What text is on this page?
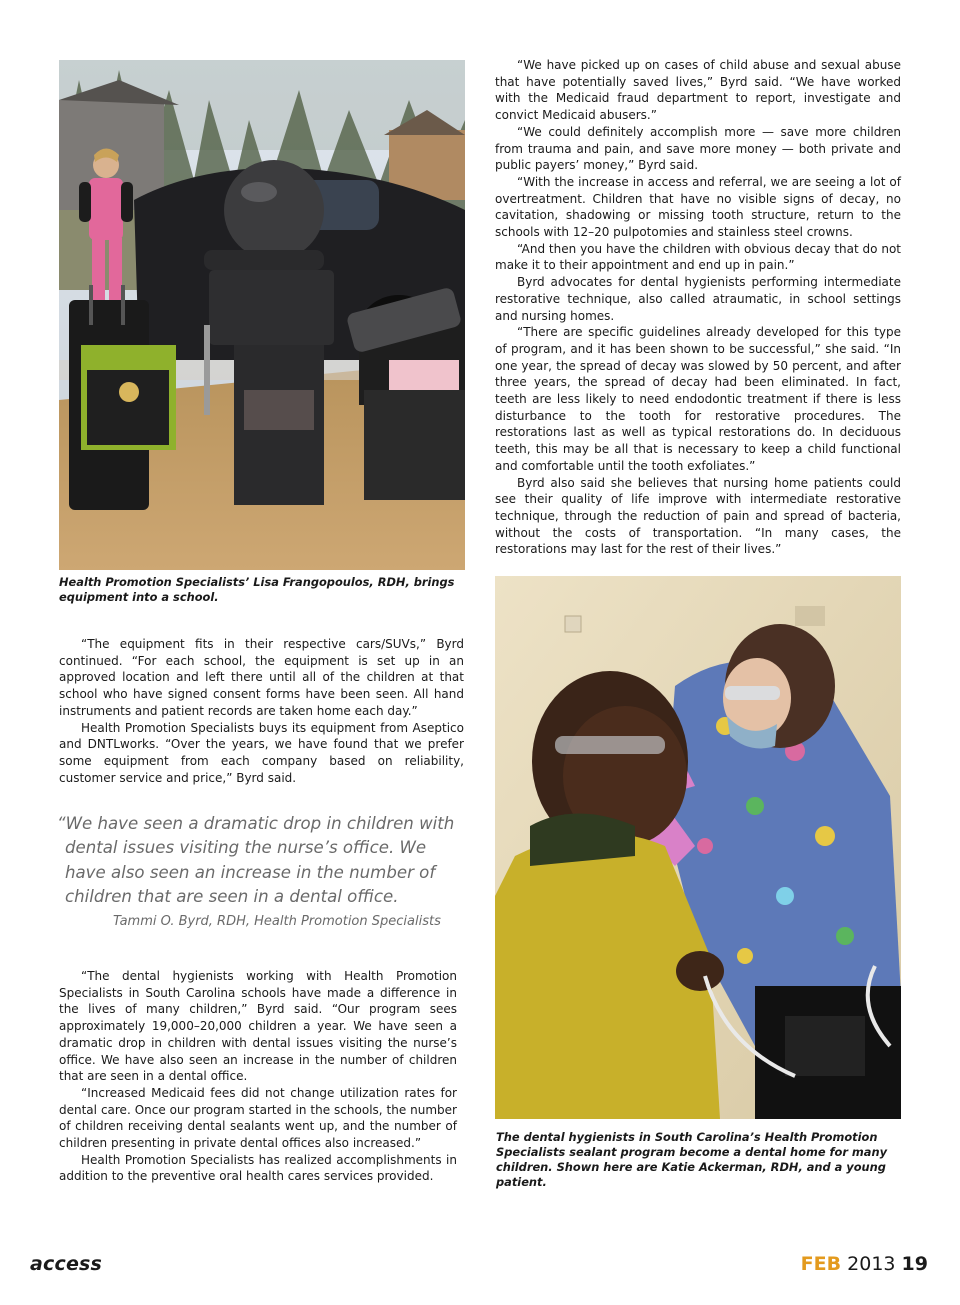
Health Promotion Specialists’ Lisa Frangopoulos, RDH, brings equipment into a school.

“We have picked up on cases of child abuse and sexual abuse that have potentially saved lives,” Byrd said. “We have worked with the Medicaid fraud department to report, investigate and convict Medicaid abusers.”

“We could definitely accomplish more — save more children from trauma and pain, and save more money — both private and public payers’ money,” Byrd said.

“With the increase in access and referral, we are seeing a lot of overtreatment. Children that have no visible signs of decay, no cavitation, shadowing or missing tooth structure, return to the schools with 12–20 pulpotomies and stainless steel crowns.

“And then you have the children with obvious decay that do not make it to their appointment and end up in pain.”

Byrd advocates for dental hygienists performing intermediate restorative technique, also called atraumatic, in school settings and nursing homes.

“There are specific guidelines already developed for this type of program, and it has been shown to be successful,” she said. “In one year, the spread of decay was slowed by 50 percent, and after three years, the spread of decay had been eliminated. In fact, teeth are less likely to need endodontic treatment if there is less disturbance to the tooth for restorative procedures. The restorations last as well as typical restorations do. In deciduous teeth, this may be all that is necessary to keep a child functional and comfortable until the tooth exfoliates.”

Byrd also said she believes that nursing home patients could see their quality of life improve with intermediate restorative technique, through the reduction of pain and spread of bacteria, without the costs of transportation. “In many cases, the restorations may last for the rest of their lives.”

The dental hygienists in South Carolina’s Health Promotion Specialists sealant program become a dental home for many children. Shown here are Katie Ackerman, RDH, and a young patient.

“The equipment fits in their respective cars/SUVs,” Byrd continued. “For each school, the equipment is set up in an approved location and left there until all of the children at that school who have signed consent forms have been seen. All hand instruments and patient records are taken home each day.”

Health Promotion Specialists buys its equipment from Aseptico and DNTLworks. “Over the years, we have found that we prefer some equipment from each company based on reliability, customer service and price,” Byrd said.

“We have seen a dramatic drop in children with dental issues visiting the nurse’s office. We have also seen an increase in the number of children that are seen in a dental office.
Tammi O. Byrd, RDH, Health Promotion Specialists

“The dental hygienists working with Health Promotion Specialists in South Carolina schools have made a difference in the lives of many children,” Byrd said. “Our program sees approximately 19,000–20,000 children a year. We have seen a dramatic drop in children with dental issues visiting the nurse’s office. We have also seen an increase in the number of children that are seen in a dental office.

“Increased Medicaid fees did not change utilization rates for dental care. Once our program started in the schools, the number of children receiving dental sealants went up, and the number of children presenting in private dental offices also increased.”

Health Promotion Specialists has realized accomplishments in addition to the preventive oral health cares services provided.

access	FEB 2013 19
